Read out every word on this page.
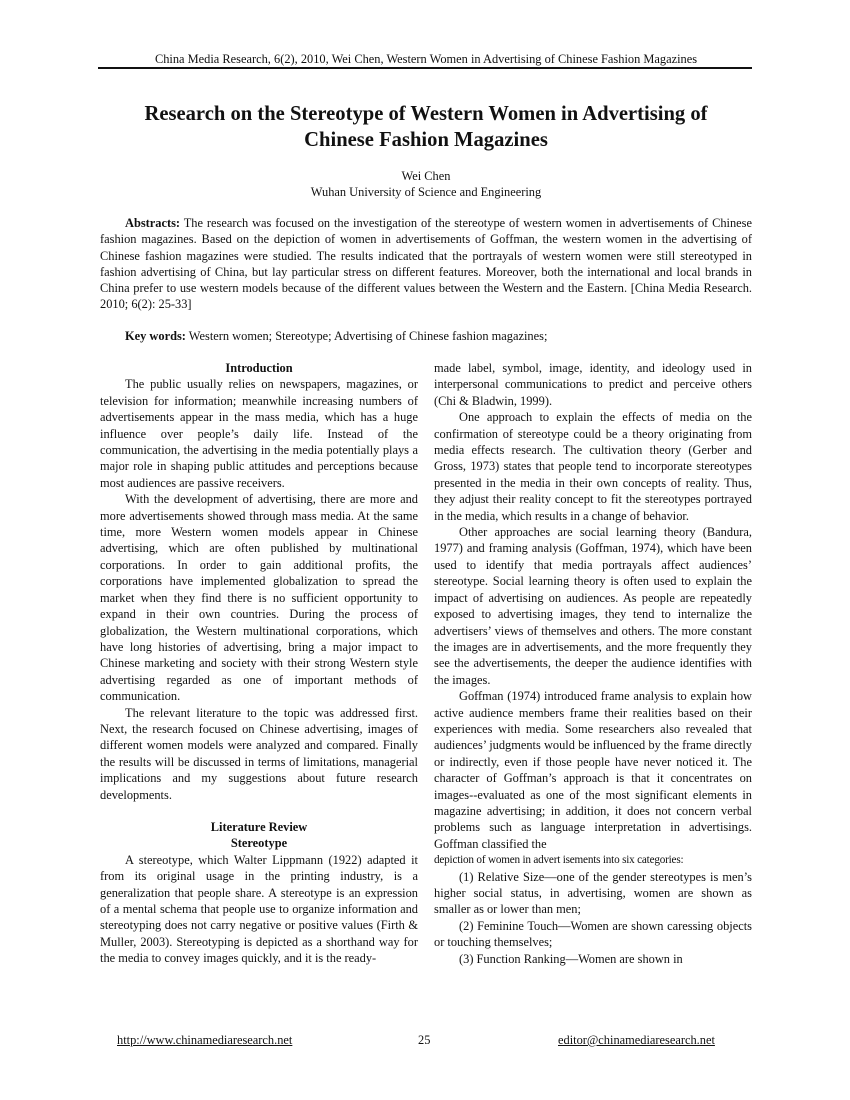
China Media Research, 6(2), 2010, Wei Chen, Western Women in Advertising of Chinese Fashion Magazines
Research on the Stereotype of Western Women in Advertising of
Chinese Fashion Magazines
Wei Chen
Wuhan University of Science and Engineering

Abstracts: The research was focused on the investigation of the stereotype of western women in advertisements of Chinese fashion magazines. Based on the depiction of women in advertisements of Goffman, the western women in the advertising of Chinese fashion magazines were studied. The results indicated that the portrayals of western women were still stereotyped in fashion advertising of China, but lay particular stress on different features. Moreover, both the international and local brands in China prefer to use western models because of the different values between the Western and the Eastern. [China Media Research. 2010; 6(2): 25-33]

Key words: Western women; Stereotype; Advertising of Chinese fashion magazines;

Introduction

The public usually relies on newspapers, magazines, or television for information; meanwhile increasing numbers of advertisements appear in the mass media, which has a huge influence over people’s daily life. Instead of the communication, the advertising in the media potentially plays a major role in shaping public attitudes and perceptions because most audiences are passive receivers.

With the development of advertising, there are more and more advertisements showed through mass media. At the same time, more Western women models appear in Chinese advertising, which are often published by multinational corporations. In order to gain additional profits, the corporations have implemented globalization to spread the market when they find there is no sufficient opportunity to expand in their own countries. During the process of globalization, the Western multinational corporations, which have long histories of advertising, bring a major impact to Chinese marketing and society with their strong Western style advertising regarded as one of important methods of communication.

The relevant literature to the topic was addressed first. Next, the research focused on Chinese advertising, images of different women models were analyzed and compared. Finally the results will be discussed in terms of limitations, managerial implications and my suggestions about future research developments.

Literature Review
Stereotype

A stereotype, which Walter Lippmann (1922) adapted it from its original usage in the printing industry, is a generalization that people share. A stereotype is an expression of a mental schema that people use to organize information and stereotyping does not carry negative or positive values (Firth & Muller, 2003). Stereotyping is depicted as a shorthand way for the media to convey images quickly, and it is the ready-

made label, symbol, image, identity, and ideology used in interpersonal communications to predict and perceive others (Chi & Bladwin, 1999).

One approach to explain the effects of media on the confirmation of stereotype could be a theory originating from media effects research. The cultivation theory (Gerber and Gross, 1973) states that people tend to incorporate stereotypes presented in the media in their own concepts of reality. Thus, they adjust their reality concept to fit the stereotypes portrayed in the media, which results in a change of behavior.

Other approaches are social learning theory (Bandura, 1977) and framing analysis (Goffman, 1974), which have been used to identify that media portrayals affect audiences’ stereotype. Social learning theory is often used to explain the impact of advertising on audiences. As people are repeatedly exposed to advertising images, they tend to internalize the advertisers’ views of themselves and others. The more constant the images are in advertisements, and the more frequently they see the advertisements, the deeper the audience identifies with the images.

Goffman (1974) introduced frame analysis to explain how active audience members frame their realities based on their experiences with media. Some researchers also revealed that audiences’ judgments would be influenced by the frame directly or indirectly, even if those people have never noticed it. The character of Goffman’s approach is that it concentrates on images--evaluated as one of the most significant elements in magazine advertising; in addition, it does not concern verbal problems such as language interpretation in advertisings. Goffman classified the

depiction of women in advert isements into six categories:

(1) Relative Size—one of the gender stereotypes is men’s higher social status, in advertising, women are shown as smaller as or lower than men;

(2) Feminine Touch—Women are shown caressing objects or touching themselves;

(3) Function Ranking—Women are shown in

http://www.chinamediaresearch.net	25	editor@chinamediaresearch.net
